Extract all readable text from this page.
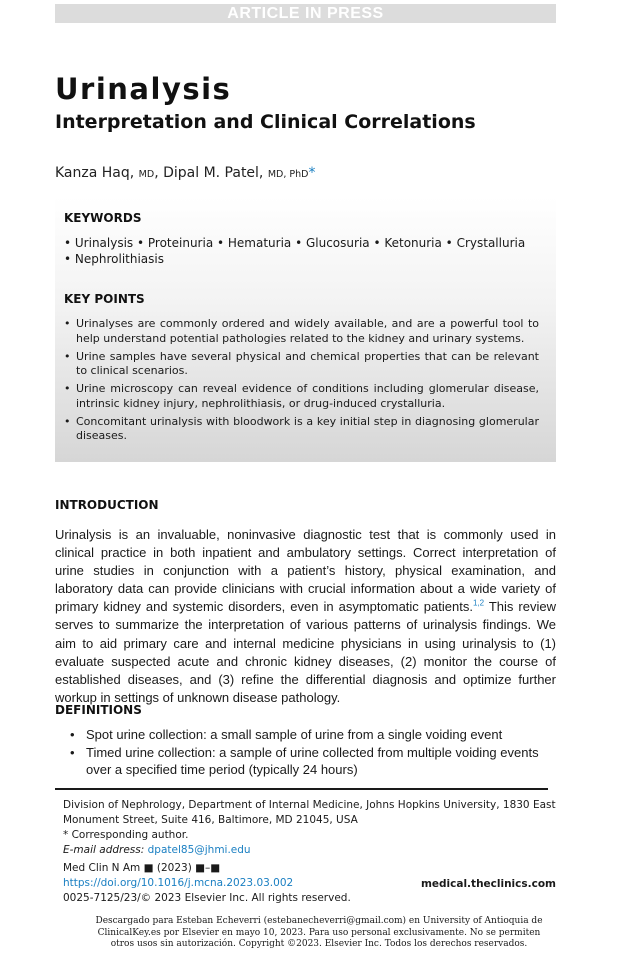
ARTICLE IN PRESS
Urinalysis
Interpretation and Clinical Correlations
Kanza Haq, MD, Dipal M. Patel, MD, PhD*
KEYWORDS
• Urinalysis • Proteinuria • Hematuria • Glucosuria • Ketonuria • Crystalluria
• Nephrolithiasis
KEY POINTS
• Urinalyses are commonly ordered and widely available, and are a powerful tool to help understand potential pathologies related to the kidney and urinary systems.
• Urine samples have several physical and chemical properties that can be relevant to clinical scenarios.
• Urine microscopy can reveal evidence of conditions including glomerular disease, intrinsic kidney injury, nephrolithiasis, or drug-induced crystalluria.
• Concomitant urinalysis with bloodwork is a key initial step in diagnosing glomerular diseases.
INTRODUCTION

Urinalysis is an invaluable, noninvasive diagnostic test that is commonly used in clinical practice in both inpatient and ambulatory settings. Correct interpretation of urine studies in conjunction with a patient’s history, physical examination, and laboratory data can provide clinicians with crucial information about a wide variety of primary kidney and systemic disorders, even in asymptomatic patients.$^{1,2}$ This review serves to summarize the interpretation of various patterns of urinalysis findings. We aim to aid primary care and internal medicine physicians in using urinalysis to (1) evaluate suspected acute and chronic kidney diseases, (2) monitor the course of established diseases, and (3) refine the differential diagnosis and optimize further workup in settings of unknown disease pathology.

DEFINITIONS
• Spot urine collection: a small sample of urine from a single voiding event
• Timed urine collection: a sample of urine collected from multiple voiding events over a specified time period (typically 24 hours)
Division of Nephrology, Department of Internal Medicine, Johns Hopkins University, 1830 East Monument Street, Suite 416, Baltimore, MD 21045, USA
* Corresponding author.
E-mail address: dpatel85@jhmi.edu
Med Clin N Am ■ (2023) ■–■
https://doi.org/10.1016/j.mcna.2023.03.002
0025-7125/23/© 2023 Elsevier Inc. All rights reserved.
medical.theclinics.com
Descargado para Esteban Echeverri (estebanecheverri@gmail.com) en University of Antioquia de
ClinicalKey.es por Elsevier en mayo 10, 2023. Para uso personal exclusivamente. No se permiten
otros usos sin autorización. Copyright ©2023. Elsevier Inc. Todos los derechos reservados.
